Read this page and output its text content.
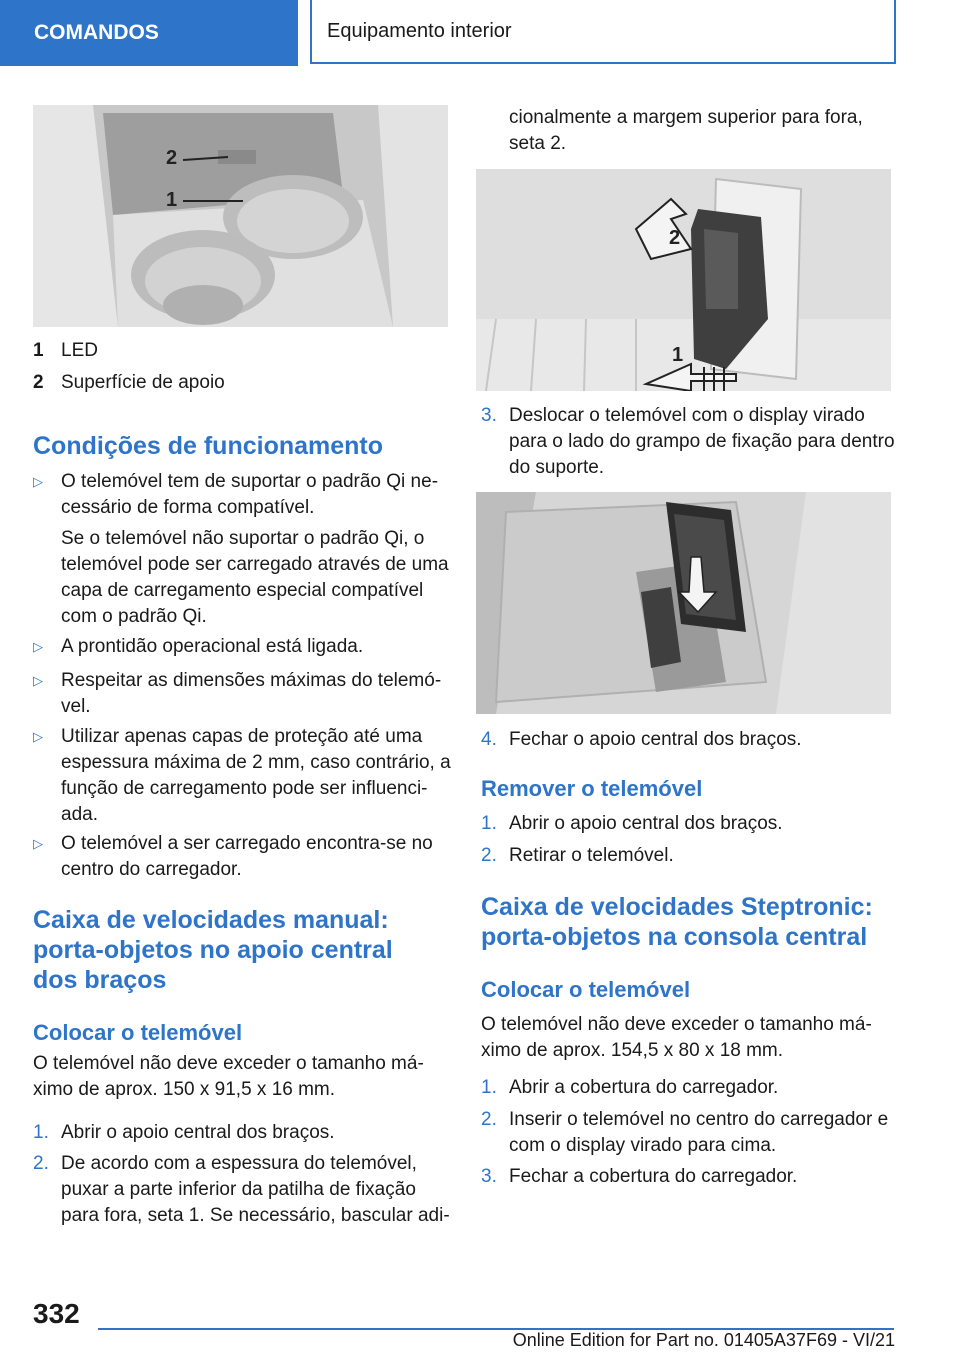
COMANDOS	Equipamento interior
2
1
1 LED
2 Superfície de apoio
Condições de funcionamento
▷ O telemóvel tem de suportar o padrão Qi ne-
cessário de forma compatível.
Se o telemóvel não suportar o padrão Qi, o
telemóvel pode ser carregado através de uma
capa de carregamento especial compatível
com o padrão Qi.
▷ A prontidão operacional está ligada.
▷ Respeitar as dimensões máximas do telemó-
vel.
▷ Utilizar apenas capas de proteção até uma
espessura máxima de 2 mm, caso contrário, a
função de carregamento pode ser influenci-
ada.
▷ O telemóvel a ser carregado encontra-se no
centro do carregador.
Caixa de velocidades manual:
porta-objetos no apoio central
dos braços
Colocar o telemóvel
O telemóvel não deve exceder o tamanho má-
ximo de aprox. 150 x 91,5 x 16 mm.
1. Abrir o apoio central dos braços.
2. De acordo com a espessura do telemóvel,
puxar a parte inferior da patilha de fixação
para fora, seta 1. Se necessário, bascular adi-
cionalmente a margem superior para fora,
seta 2.
2
1
3. Deslocar o telemóvel com o display virado
para o lado do grampo de fixação para dentro
do suporte.
4. Fechar o apoio central dos braços.
Remover o telemóvel
1. Abrir o apoio central dos braços.
2. Retirar o telemóvel.
Caixa de velocidades Steptronic:
porta-objetos na consola central
Colocar o telemóvel
O telemóvel não deve exceder o tamanho má-
ximo de aprox. 154,5 x 80 x 18 mm.
1. Abrir a cobertura do carregador.
2. Inserir o telemóvel no centro do carregador e
com o display virado para cima.
3. Fechar a cobertura do carregador.
332
Online Edition for Part no. 01405A37F69 - VI/21
